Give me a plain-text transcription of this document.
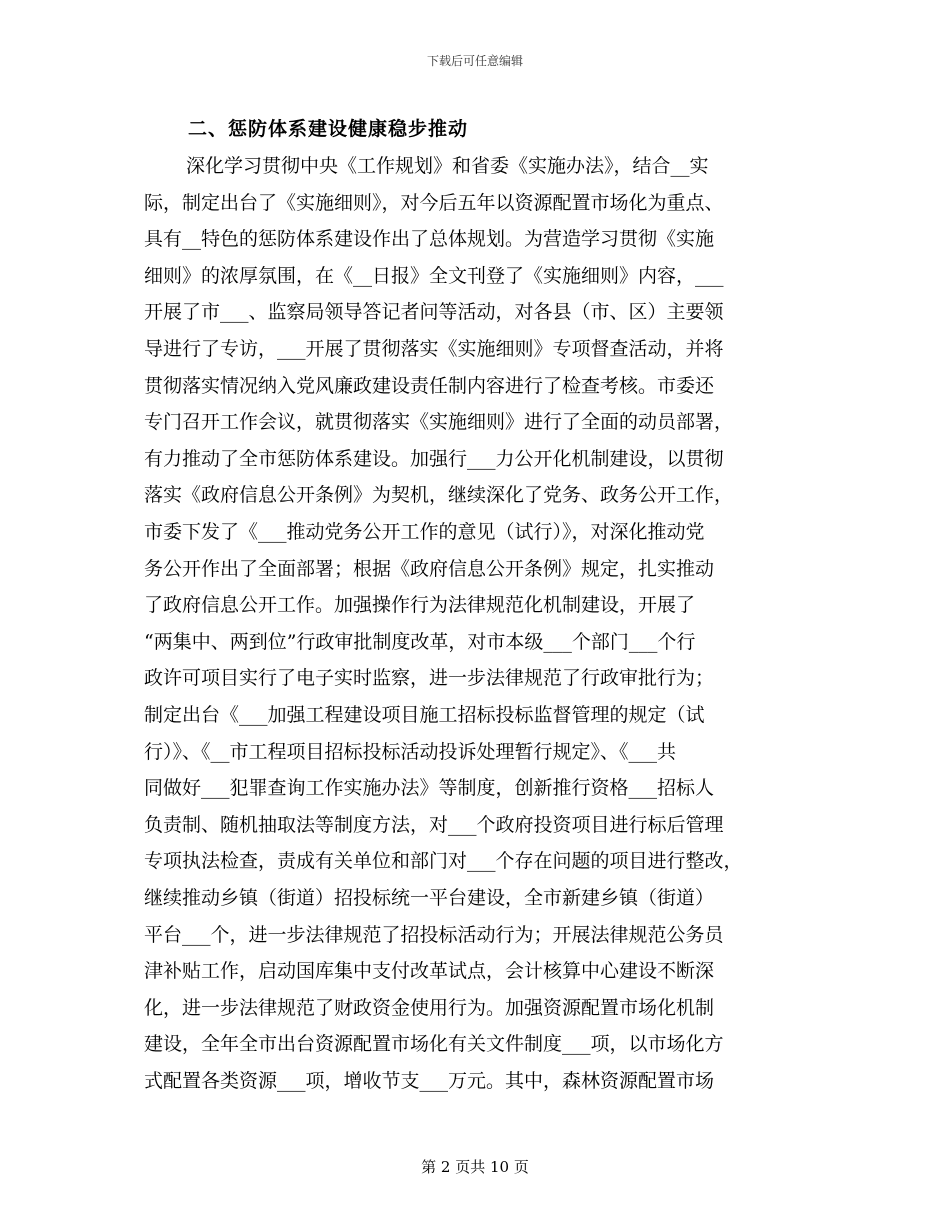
下载后可任意编辑
二、惩防体系建设健康稳步推动
深化学习贯彻中央《工作规划》和省委《实施办法》，结合__实
际，制定出台了《实施细则》，对今后五年以资源配置市场化为重点、
具有__特色的惩防体系建设作出了总体规划。为营造学习贯彻《实施
细则》的浓厚氛围，在《__日报》全文刊登了《实施细则》内容，___
开展了市___、监察局领导答记者问等活动，对各县（市、区）主要领
导进行了专访，___开展了贯彻落实《实施细则》专项督查活动，并将
贯彻落实情况纳入党风廉政建设责任制内容进行了检查考核。市委还
专门召开工作会议，就贯彻落实《实施细则》进行了全面的动员部署，
有力推动了全市惩防体系建设。加强行___力公开化机制建设，以贯彻
落实《政府信息公开条例》为契机，继续深化了党务、政务公开工作，
市委下发了《___推动党务公开工作的意见（试行）》，对深化推动党
务公开作出了全面部署；根据《政府信息公开条例》规定，扎实推动
了政府信息公开工作。加强操作行为法律规范化机制建设，开展了
“两集中、两到位”行政审批制度改革，对市本级___个部门___个行
政许可项目实行了电子实时监察，进一步法律规范了行政审批行为；
制定出台《___加强工程建设项目施工招标投标监督管理的规定（试
行）》、《__市工程项目招标投标活动投诉处理暂行规定》、《___共
同做好___犯罪查询工作实施办法》等制度，创新推行资格___招标人
负责制、随机抽取法等制度方法，对___个政府投资项目进行标后管理
专项执法检查，责成有关单位和部门对___个存在问题的项目进行整改，
继续推动乡镇（街道）招投标统一平台建设，全市新建乡镇（街道）
平台___个，进一步法律规范了招投标活动行为；开展法律规范公务员
津补贴工作，启动国库集中支付改革试点，会计核算中心建设不断深
化，进一步法律规范了财政资金使用行为。加强资源配置市场化机制
建设，全年全市出台资源配置市场化有关文件制度___项，以市场化方
式配置各类资源___项，增收节支___万元。其中，森林资源配置市场
第 2 页共 10 页
